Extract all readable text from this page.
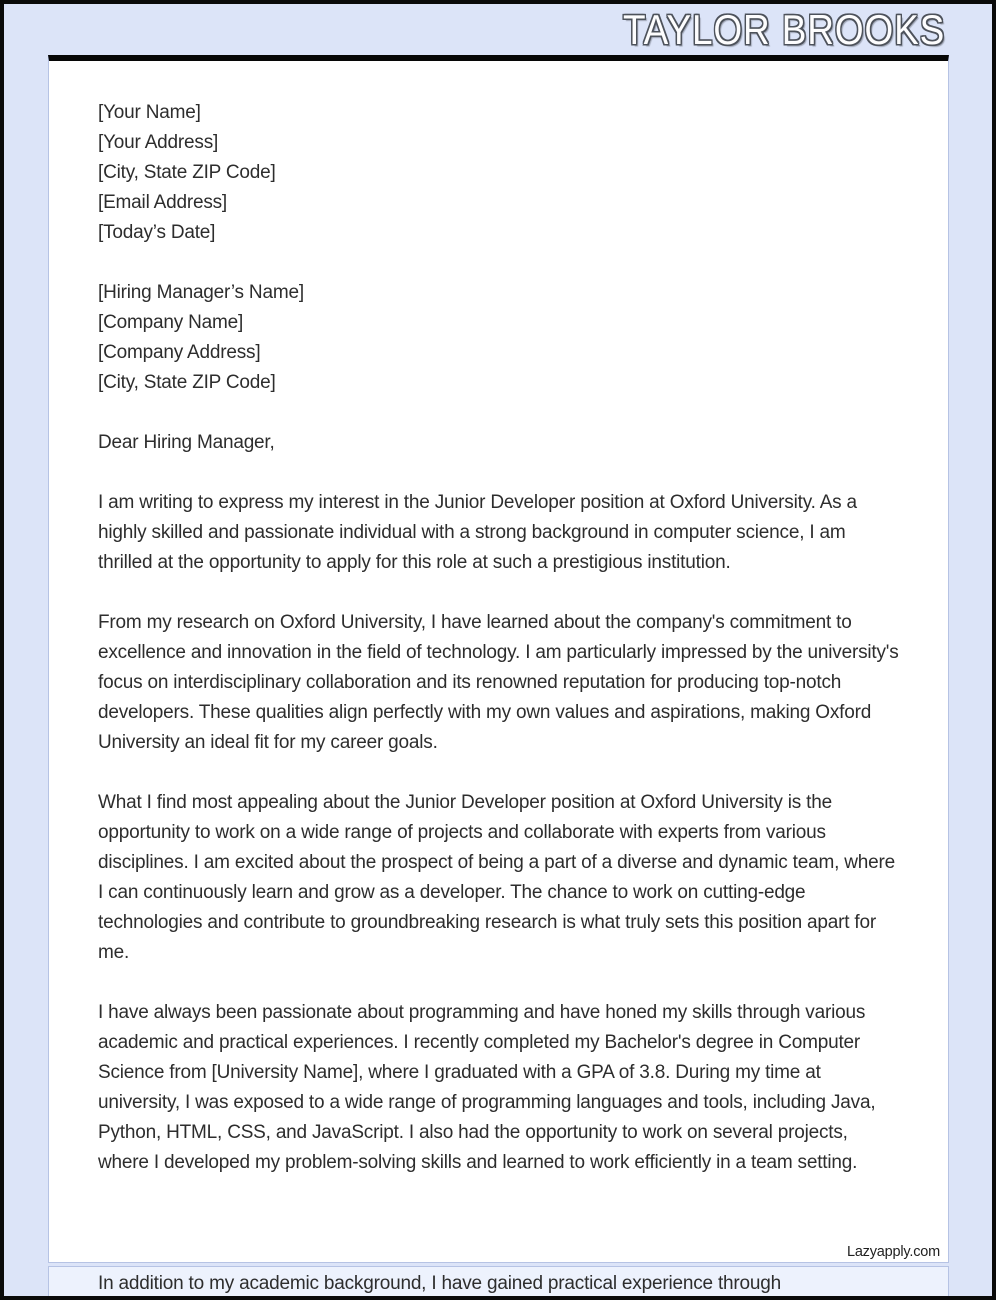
TAYLOR BROOKS
[Your Name]
[Your Address]
[City, State ZIP Code]
[Email Address]
[Today’s Date]
[Hiring Manager’s Name]
[Company Name]
[Company Address]
[City, State ZIP Code]
Dear Hiring Manager,

I am writing to express my interest in the Junior Developer position at Oxford University. As a highly skilled and passionate individual with a strong background in computer science, I am thrilled at the opportunity to apply for this role at such a prestigious institution.

From my research on Oxford University, I have learned about the company's commitment to excellence and innovation in the field of technology. I am particularly impressed by the university's focus on interdisciplinary collaboration and its renowned reputation for producing top-notch developers. These qualities align perfectly with my own values and aspirations, making Oxford University an ideal fit for my career goals.

What I find most appealing about the Junior Developer position at Oxford University is the opportunity to work on a wide range of projects and collaborate with experts from various disciplines. I am excited about the prospect of being a part of a diverse and dynamic team, where I can continuously learn and grow as a developer. The chance to work on cutting-edge technologies and contribute to groundbreaking research is what truly sets this position apart for me.

I have always been passionate about programming and have honed my skills through various academic and practical experiences. I recently completed my Bachelor's degree in Computer Science from [University Name], where I graduated with a GPA of 3.8. During my time at university, I was exposed to a wide range of programming languages and tools, including Java, Python, HTML, CSS, and JavaScript. I also had the opportunity to work on several projects, where I developed my problem-solving skills and learned to work efficiently in a team setting.

Lazyapply.com
In addition to my academic background, I have gained practical experience through
